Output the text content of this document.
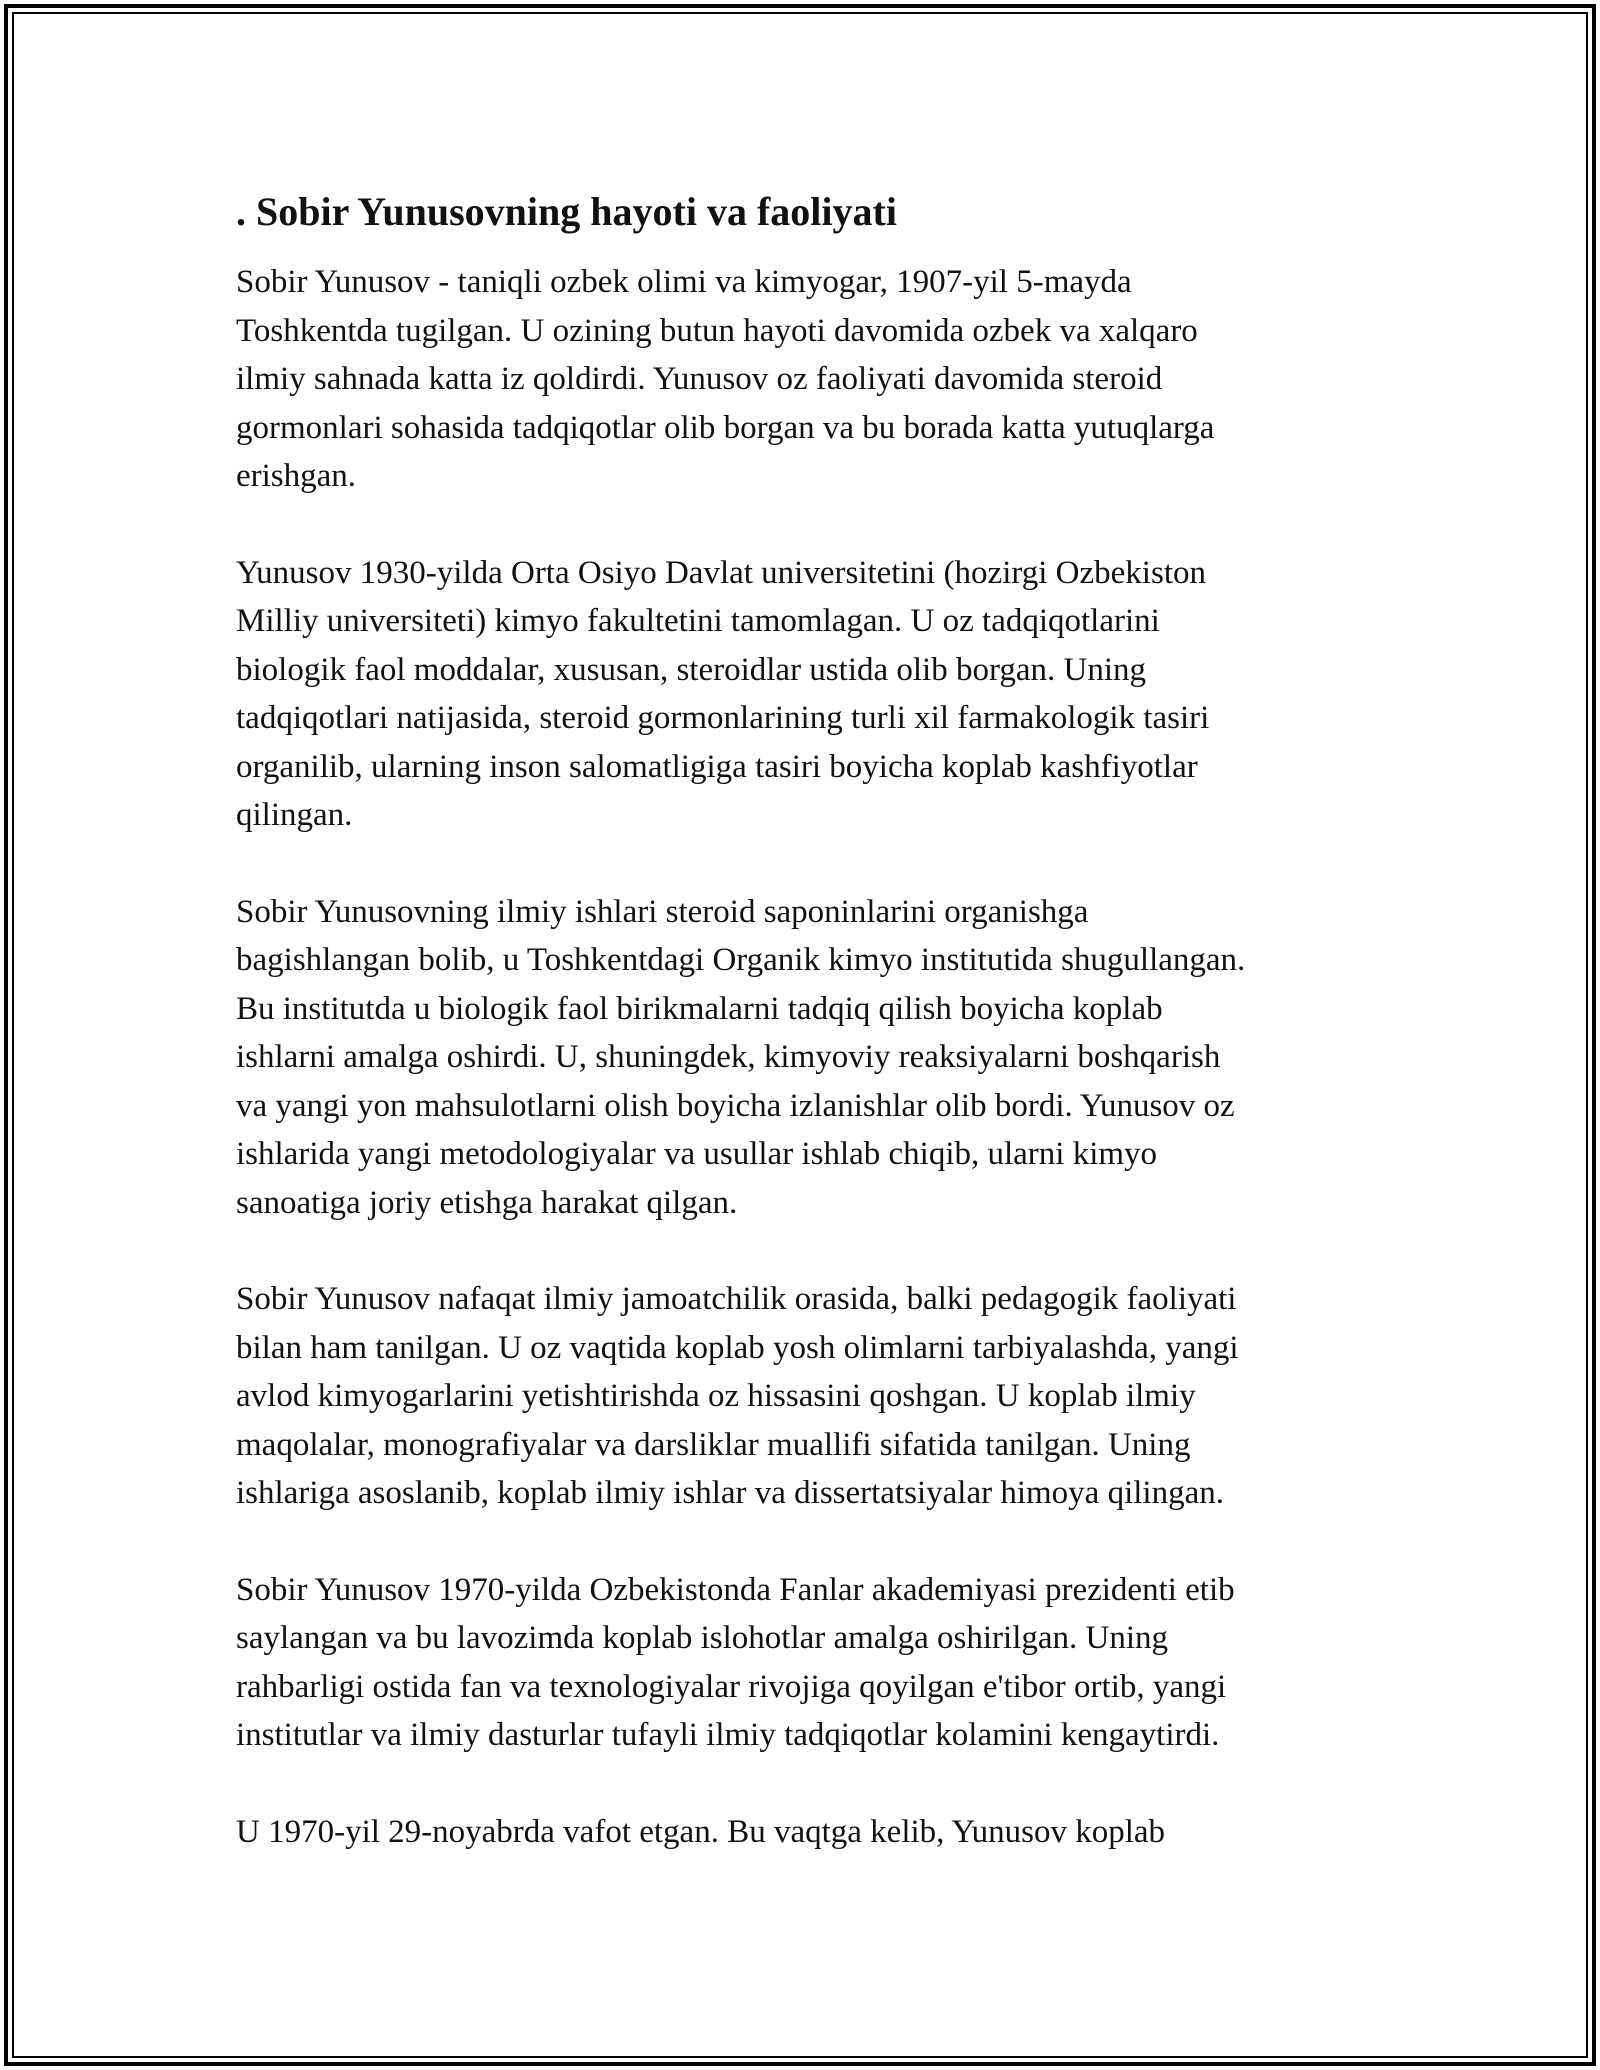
. Sobir Yunusovning hayoti va faoliyati
Sobir Yunusov - taniqli ozbek olimi va kimyogar, 1907-yil 5-mayda
Toshkentda tugilgan. U ozining butun hayoti davomida ozbek va xalqaro
ilmiy sahnada katta iz qoldirdi. Yunusov oz faoliyati davomida steroid
gormonlari sohasida tadqiqotlar olib borgan va bu borada katta yutuqlarga
erishgan.
Yunusov 1930-yilda Orta Osiyo Davlat universitetini (hozirgi Ozbekiston
Milliy universiteti) kimyo fakultetini tamomlagan. U oz tadqiqotlarini
biologik faol moddalar, xususan, steroidlar ustida olib borgan. Uning
tadqiqotlari natijasida, steroid gormonlarining turli xil farmakologik tasiri
organilib, ularning inson salomatligiga tasiri boyicha koplab kashfiyotlar
qilingan.
Sobir Yunusovning ilmiy ishlari steroid saponinlarini organishga
bagishlangan bolib, u Toshkentdagi Organik kimyo institutida shugullangan.
Bu institutda u biologik faol birikmalarni tadqiq qilish boyicha koplab
ishlarni amalga oshirdi. U, shuningdek, kimyoviy reaksiyalarni boshqarish
va yangi yon mahsulotlarni olish boyicha izlanishlar olib bordi. Yunusov oz
ishlarida yangi metodologiyalar va usullar ishlab chiqib, ularni kimyo
sanoatiga joriy etishga harakat qilgan.
Sobir Yunusov nafaqat ilmiy jamoatchilik orasida, balki pedagogik faoliyati
bilan ham tanilgan. U oz vaqtida koplab yosh olimlarni tarbiyalashda, yangi
avlod kimyogarlarini yetishtirishda oz hissasini qoshgan. U koplab ilmiy
maqolalar, monografiyalar va darsliklar muallifi sifatida tanilgan. Uning
ishlariga asoslanib, koplab ilmiy ishlar va dissertatsiyalar himoya qilingan.
Sobir Yunusov 1970-yilda Ozbekistonda Fanlar akademiyasi prezidenti etib
saylangan va bu lavozimda koplab islohotlar amalga oshirilgan. Uning
rahbarligi ostida fan va texnologiyalar rivojiga qoyilgan e'tibor ortib, yangi
institutlar va ilmiy dasturlar tufayli ilmiy tadqiqotlar kolamini kengaytirdi.
U 1970-yil 29-noyabrda vafot etgan. Bu vaqtga kelib, Yunusov koplab
